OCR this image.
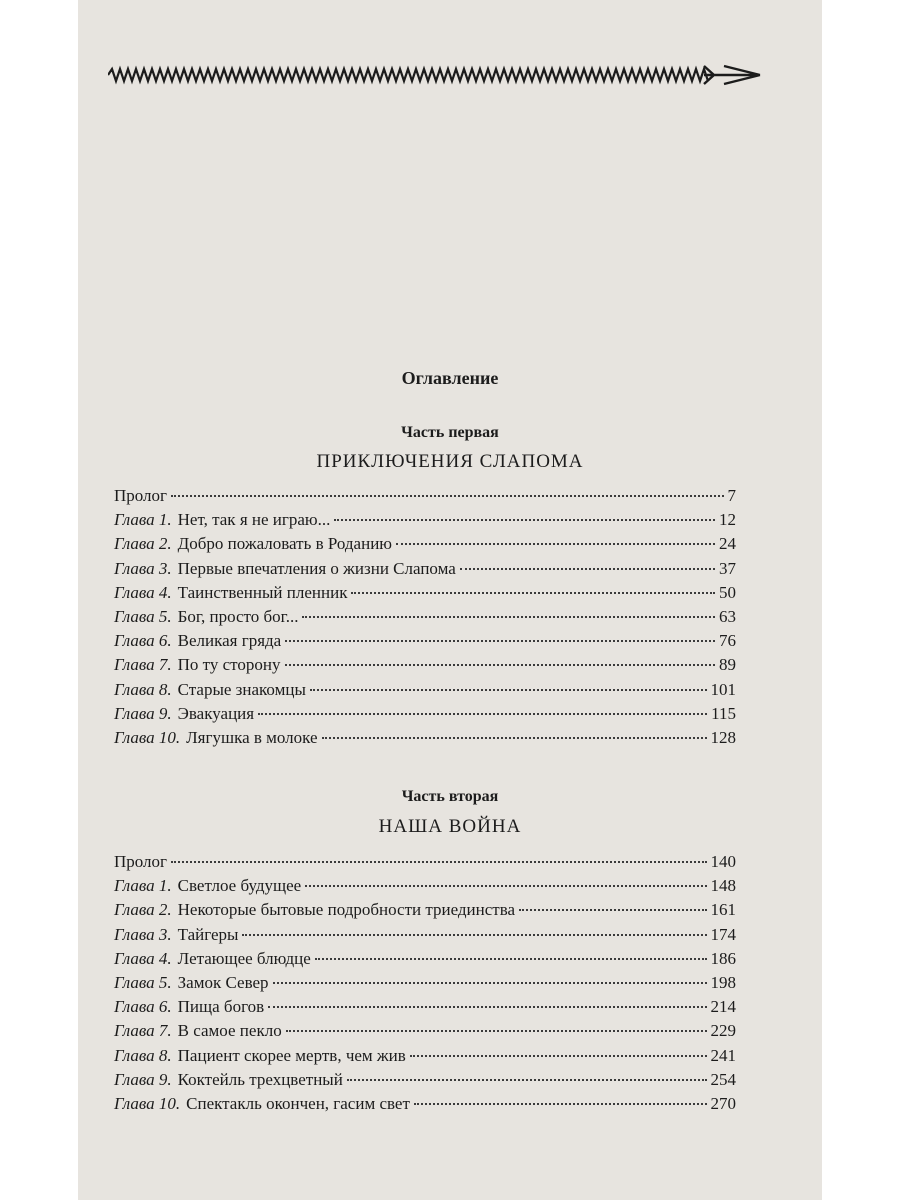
Оглавление
Часть первая
ПРИКЛЮЧЕНИЯ СЛАПОМА
Пролог	7
Глава 1. Нет, так я не играю...	12
Глава 2. Добро пожаловать в Роданию	24
Глава 3. Первые впечатления о жизни Слапома	37
Глава 4. Таинственный пленник	50
Глава 5. Бог, просто бог...	63
Глава 6. Великая гряда	76
Глава 7. По ту сторону	89
Глава 8. Старые знакомцы	101
Глава 9. Эвакуация	115
Глава 10. Лягушка в молоке	128
Часть вторая
НАША ВОЙНА
Пролог	140
Глава 1. Светлое будущее	148
Глава 2. Некоторые бытовые подробности триединства	161
Глава 3. Тайгеры	174
Глава 4. Летающее блюдце	186
Глава 5. Замок Север	198
Глава 6. Пища богов	214
Глава 7. В самое пекло	229
Глава 8. Пациент скорее мертв, чем жив	241
Глава 9. Коктейль трехцветный	254
Глава 10. Спектакль окончен, гасим свет	270
